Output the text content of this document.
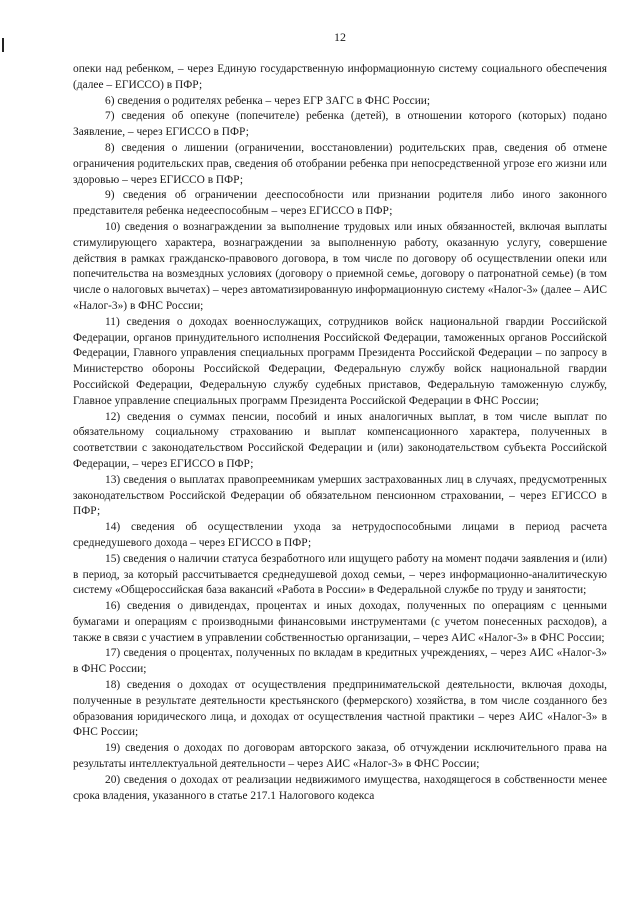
12

опеки над ребенком, – через Единую государственную информационную систему социального обеспечения (далее – ЕГИССО) в ПФР;

6) сведения о родителях ребенка – через ЕГР ЗАГС в ФНС России;

7) сведения об опекуне (попечителе) ребенка (детей), в отношении которого (которых) подано Заявление, – через ЕГИССО в ПФР;

8) сведения о лишении (ограничении, восстановлении) родительских прав, сведения об отмене ограничения родительских прав, сведения об отобрании ребенка при непосредственной угрозе его жизни или здоровью – через ЕГИССО в ПФР;

9) сведения об ограничении дееспособности или признании родителя либо иного законного представителя ребенка недееспособным – через ЕГИССО в ПФР;

10) сведения о вознаграждении за выполнение трудовых или иных обязанностей, включая выплаты стимулирующего характера, вознаграждении за выполненную работу, оказанную услугу, совершение действия в рамках гражданско-правового договора, в том числе по договору об осуществлении опеки или попечительства на возмездных условиях (договору о приемной семье, договору о патронатной семье) (в том числе о налоговых вычетах) – через автоматизированную информационную систему «Налог-3» (далее – АИС «Налог-3») в ФНС России;

11) сведения о доходах военнослужащих, сотрудников войск национальной гвардии Российской Федерации, органов принудительного исполнения Российской Федерации, таможенных органов Российской Федерации, Главного управления специальных программ Президента Российской Федерации – по запросу в Министерство обороны Российской Федерации, Федеральную службу войск национальной гвардии Российской Федерации, Федеральную службу судебных приставов, Федеральную таможенную службу, Главное управление специальных программ Президента Российской Федерации в ФНС России;

12) сведения о суммах пенсии, пособий и иных аналогичных выплат, в том числе выплат по обязательному социальному страхованию и выплат компенсационного характера, полученных в соответствии с законодательством Российской Федерации и (или) законодательством субъекта Российской Федерации, – через ЕГИССО в ПФР;

13) сведения о выплатах правопреемникам умерших застрахованных лиц в случаях, предусмотренных законодательством Российской Федерации об обязательном пенсионном страховании, – через ЕГИССО в ПФР;

14) сведения об осуществлении ухода за нетрудоспособными лицами в период расчета среднедушевого дохода – через ЕГИССО в ПФР;

15) сведения о наличии статуса безработного или ищущего работу на момент подачи заявления и (или) в период, за который рассчитывается среднедушевой доход семьи, – через информационно-аналитическую систему «Общероссийская база вакансий «Работа в России» в Федеральной службе по труду и занятости;

16) сведения о дивидендах, процентах и иных доходах, полученных по операциям с ценными бумагами и операциям с производными финансовыми инструментами (с учетом понесенных расходов), а также в связи с участием в управлении собственностью организации, – через АИС «Налог-3» в ФНС России;

17) сведения о процентах, полученных по вкладам в кредитных учреждениях, – через АИС «Налог-3» в ФНС России;

18) сведения о доходах от осуществления предпринимательской деятельности, включая доходы, полученные в результате деятельности крестьянского (фермерского) хозяйства, в том числе созданного без образования юридического лица, и доходах от осуществления частной практики – через АИС «Налог-3» в ФНС России;

19) сведения о доходах по договорам авторского заказа, об отчуждении исключительного права на результаты интеллектуальной деятельности – через АИС «Налог-3» в ФНС России;

20) сведения о доходах от реализации недвижимого имущества, находящегося в собственности менее срока владения, указанного в статье 217.1 Налогового кодекса
